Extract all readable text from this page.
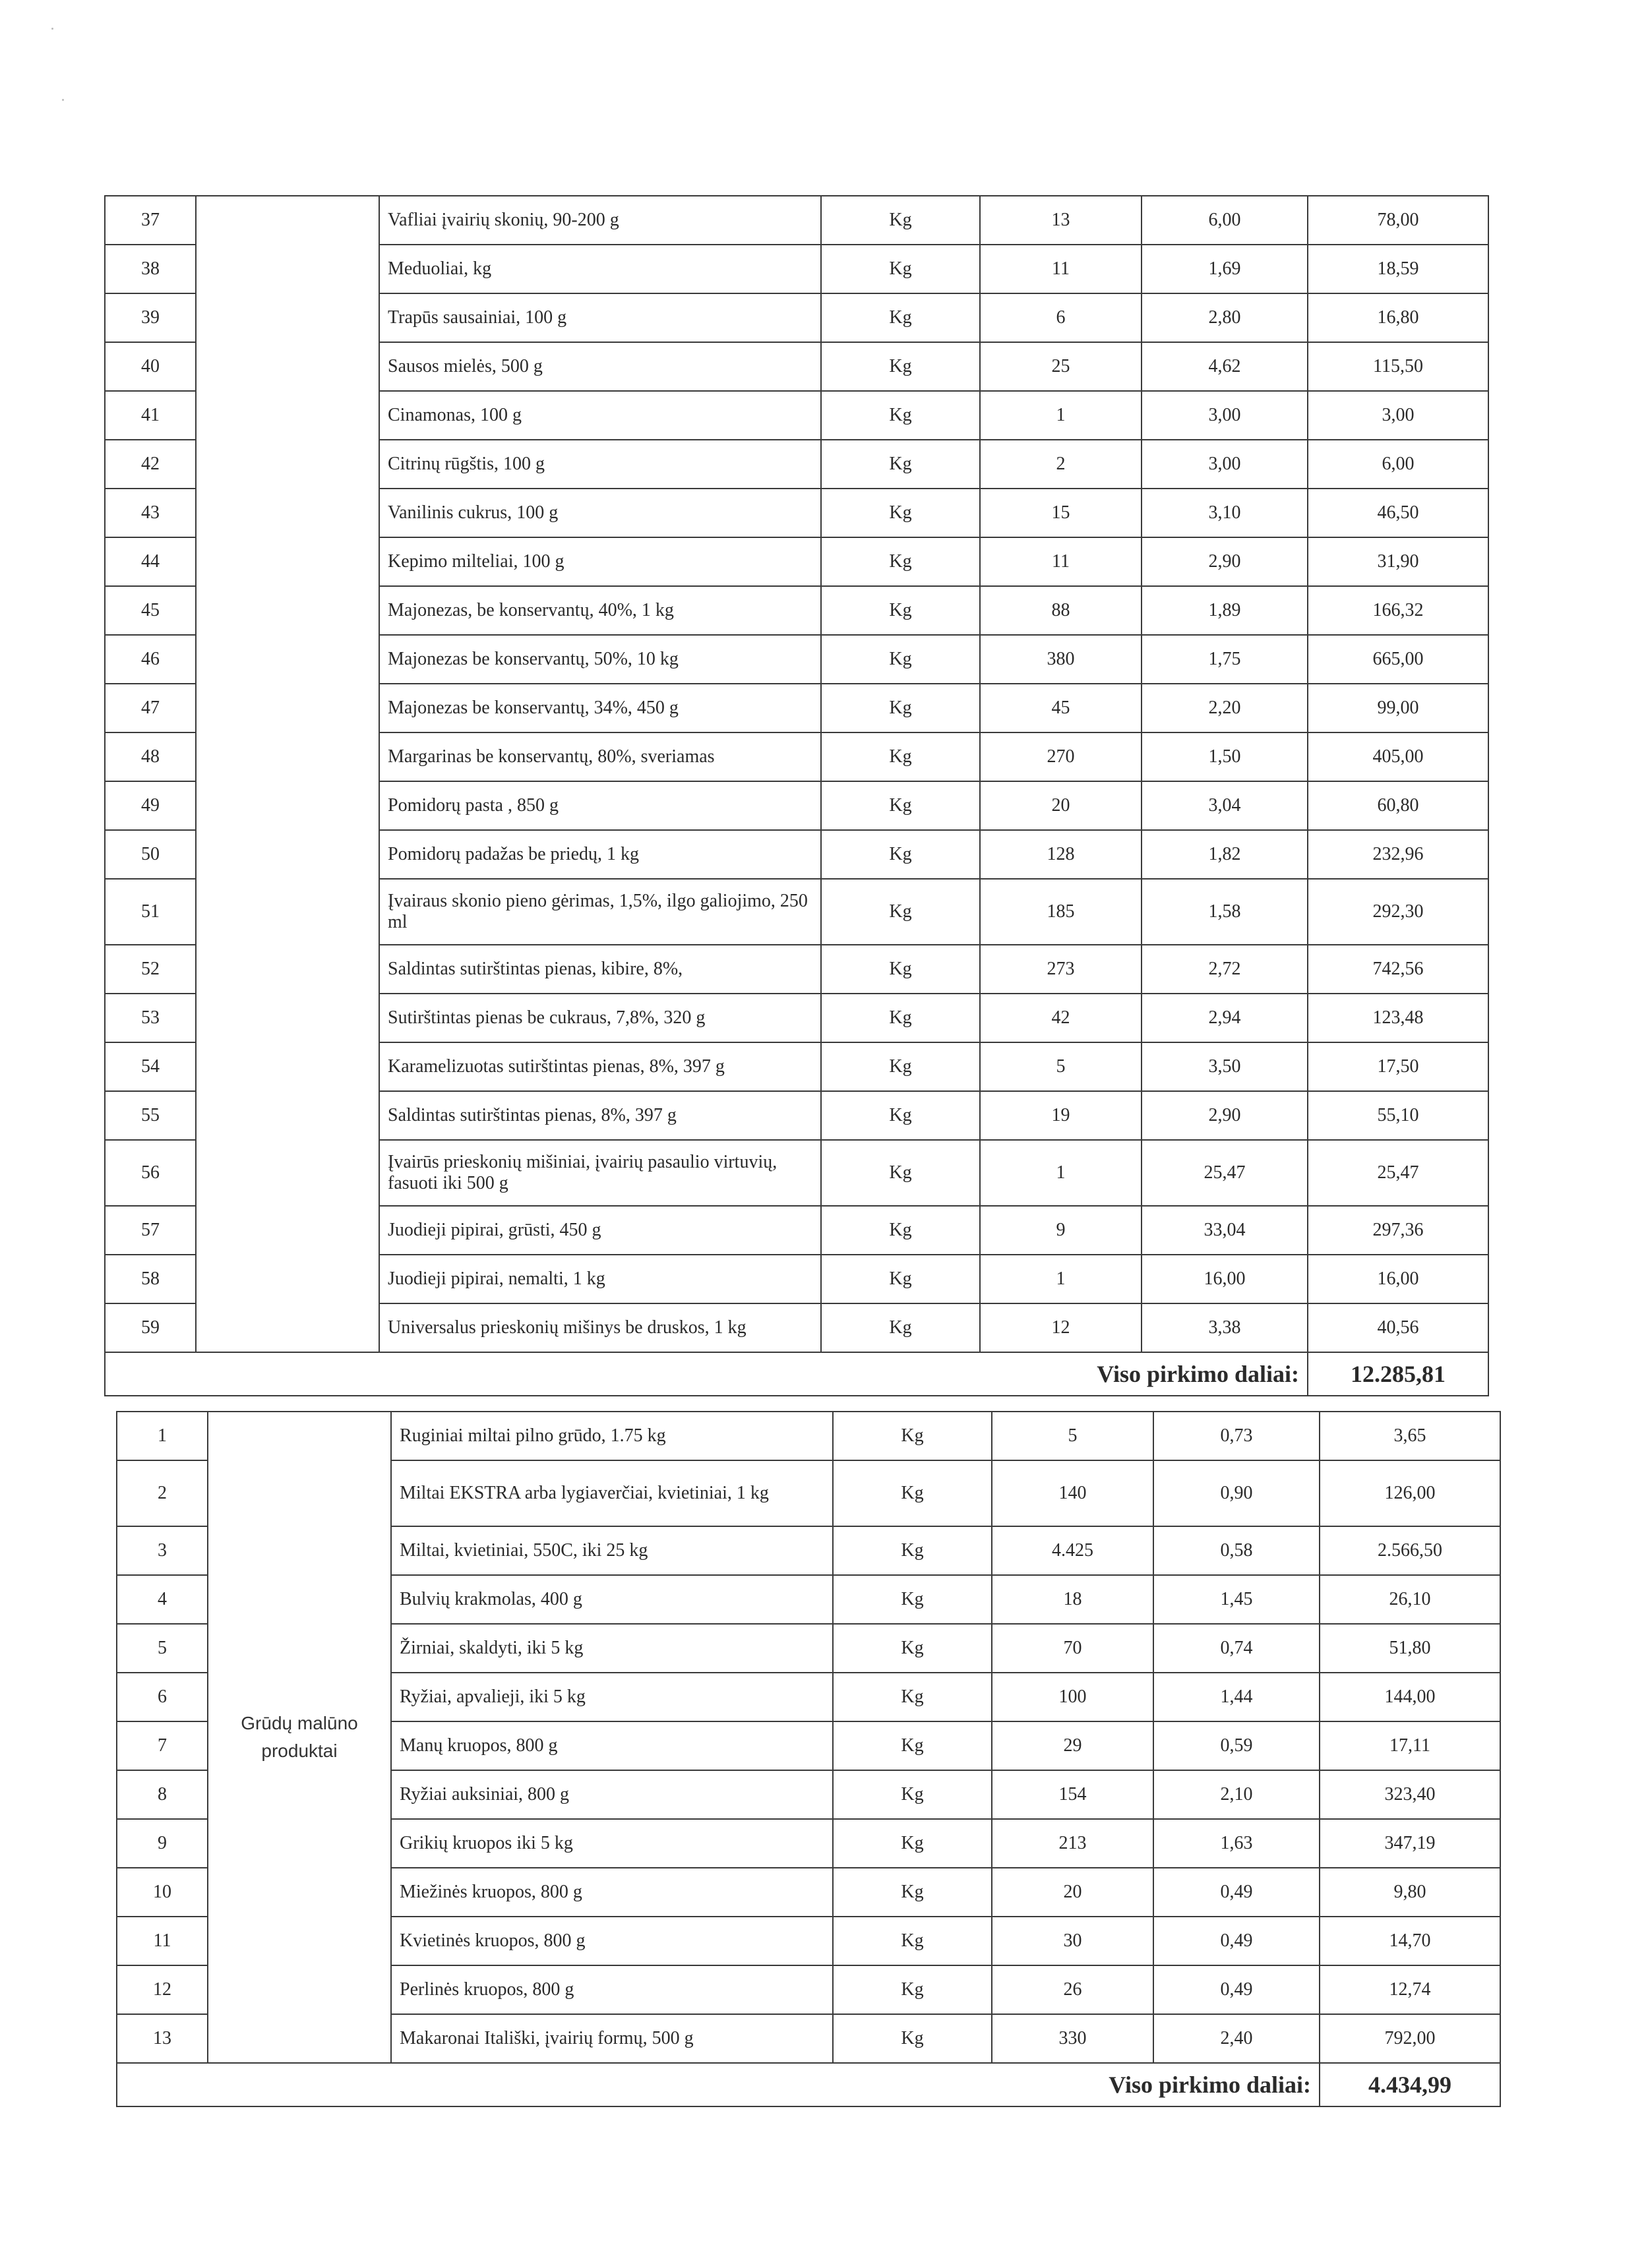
37		Vafliai įvairių skonių, 90-200 g	Kg	13	6,00	78,00
38		Meduoliai, kg	Kg	11	1,69	18,59
39		Trapūs sausainiai, 100 g	Kg	6	2,80	16,80
40		Sausos mielės, 500 g	Kg	25	4,62	115,50
41		Cinamonas, 100 g	Kg	1	3,00	3,00
42		Citrinų rūgštis, 100 g	Kg	2	3,00	6,00
43		Vanilinis cukrus, 100 g	Kg	15	3,10	46,50
44		Kepimo milteliai, 100 g	Kg	11	2,90	31,90
45		Majonezas, be konservantų, 40%, 1 kg	Kg	88	1,89	166,32
46		Majonezas be konservantų, 50%, 10 kg	Kg	380	1,75	665,00
47		Majonezas be konservantų, 34%, 450 g	Kg	45	2,20	99,00
48		Margarinas be konservantų, 80%, sveriamas	Kg	270	1,50	405,00
49		Pomidorų pasta , 850 g	Kg	20	3,04	60,80
50		Pomidorų padažas be priedų, 1 kg	Kg	128	1,82	232,96
51		Įvairaus skonio pieno gėrimas, 1,5%, ilgo galiojimo, 250 ml	Kg	185	1,58	292,30
52		Saldintas sutirštintas pienas, kibire, 8%,	Kg	273	2,72	742,56
53		Sutirštintas pienas be cukraus, 7,8%, 320 g	Kg	42	2,94	123,48
54		Karamelizuotas sutirštintas pienas, 8%, 397 g	Kg	5	3,50	17,50
55		Saldintas sutirštintas pienas, 8%, 397 g	Kg	19	2,90	55,10
56		Įvairūs prieskonių mišiniai, įvairių pasaulio virtuvių, fasuoti iki 500 g	Kg	1	25,47	25,47
57		Juodieji pipirai, grūsti, 450 g	Kg	9	33,04	297,36
58		Juodieji pipirai, nemalti, 1 kg	Kg	1	16,00	16,00
59		Universalus prieskonių mišinys be druskos, 1 kg	Kg	12	3,38	40,56
Viso pirkimo daliai:						12.285,81
1	Grūdų malūno produktai	Ruginiai miltai pilno grūdo, 1.75 kg	Kg	5	0,73	3,65
2		Miltai EKSTRA arba lygiaverčiai, kvietiniai, 1 kg	Kg	140	0,90	126,00
3		Miltai, kvietiniai, 550C, iki 25 kg	Kg	4.425	0,58	2.566,50
4		Bulvių krakmolas, 400 g	Kg	18	1,45	26,10
5		Žirniai, skaldyti, iki 5 kg	Kg	70	0,74	51,80
6		Ryžiai, apvalieji, iki 5 kg	Kg	100	1,44	144,00
7		Manų kruopos, 800 g	Kg	29	0,59	17,11
8		Ryžiai auksiniai, 800 g	Kg	154	2,10	323,40
9		Grikių kruopos iki 5 kg	Kg	213	1,63	347,19
10		Miežinės kruopos, 800 g	Kg	20	0,49	9,80
11		Kvietinės kruopos, 800 g	Kg	30	0,49	14,70
12		Perlinės kruopos, 800 g	Kg	26	0,49	12,74
13		Makaronai Itališki, įvairių formų, 500 g	Kg	330	2,40	792,00
Viso pirkimo daliai:						4.434,99
